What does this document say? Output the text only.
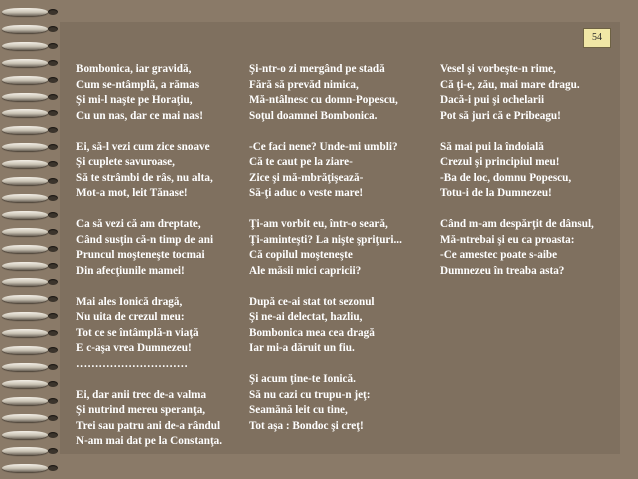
54
Bombonica, iar gravidă,
Cum se-ntâmplă, a rămas
Şi mi-l naşte pe Horaţiu,
Cu un nas, dar ce mai nas!
Ei, să-l vezi cum zice snoave
Şi cuplete savuroase,
Să te strâmbi de râs, nu alta,
Mot-a mot, leit Tănase!
Ca să vezi că am dreptate,
Când susţin că-n timp de ani
Pruncul moşteneşte tocmai
Din afecţiunile mamei!
Mai ales Ionică dragă,
Nu uita de crezul meu:
Tot ce se întâmplă-n viaţă
E c-aşa vrea Dumnezeu!
…………………………
Ei, dar anii trec de-a valma
Şi nutrind mereu speranţa,
Trei sau patru ani de-a rândul
N-am mai dat pe la Constanţa.
Şi-ntr-o zi mergând pe stadă
Fără să prevăd nimica,
Mă-ntâlnesc cu domn-Popescu,
Soţul doamnei Bombonica.
-Ce faci nene? Unde-mi umbli?
Că te caut pe la ziare-
Zice şi mă-mbrăţişează-
Să-ţi aduc o veste mare!
Ţi-am vorbit eu, într-o seară,
Ţi-aminteşti? La nişte şpriţuri...
Că copilul moşteneşte
Ale măsii mici capricii?
După ce-ai stat tot sezonul
Şi ne-ai delectat, hazliu,
Bombonica mea cea dragă
Iar mi-a dăruit un fiu.
Şi acum ţine-te Ionică.
Să nu cazi cu trupu-n jeţ:
Seamănă leit cu tine,
Tot aşa : Bondoc şi creţ!
Vesel şi vorbeşte-n rime,
Că ţi-e, zău, mai mare dragu.
Dacă-i pui şi ochelarii
Pot să juri că e Pribeagu!
Să mai pui la îndoială
Crezul şi principiul meu!
-Ba de loc, domnu Popescu,
Totu-i de la Dumnezeu!
Când m-am despărţit de dânsul,
Mă-ntrebai şi eu ca proasta:
-Ce amestec poate s-aibe
Dumnezeu în treaba asta?
